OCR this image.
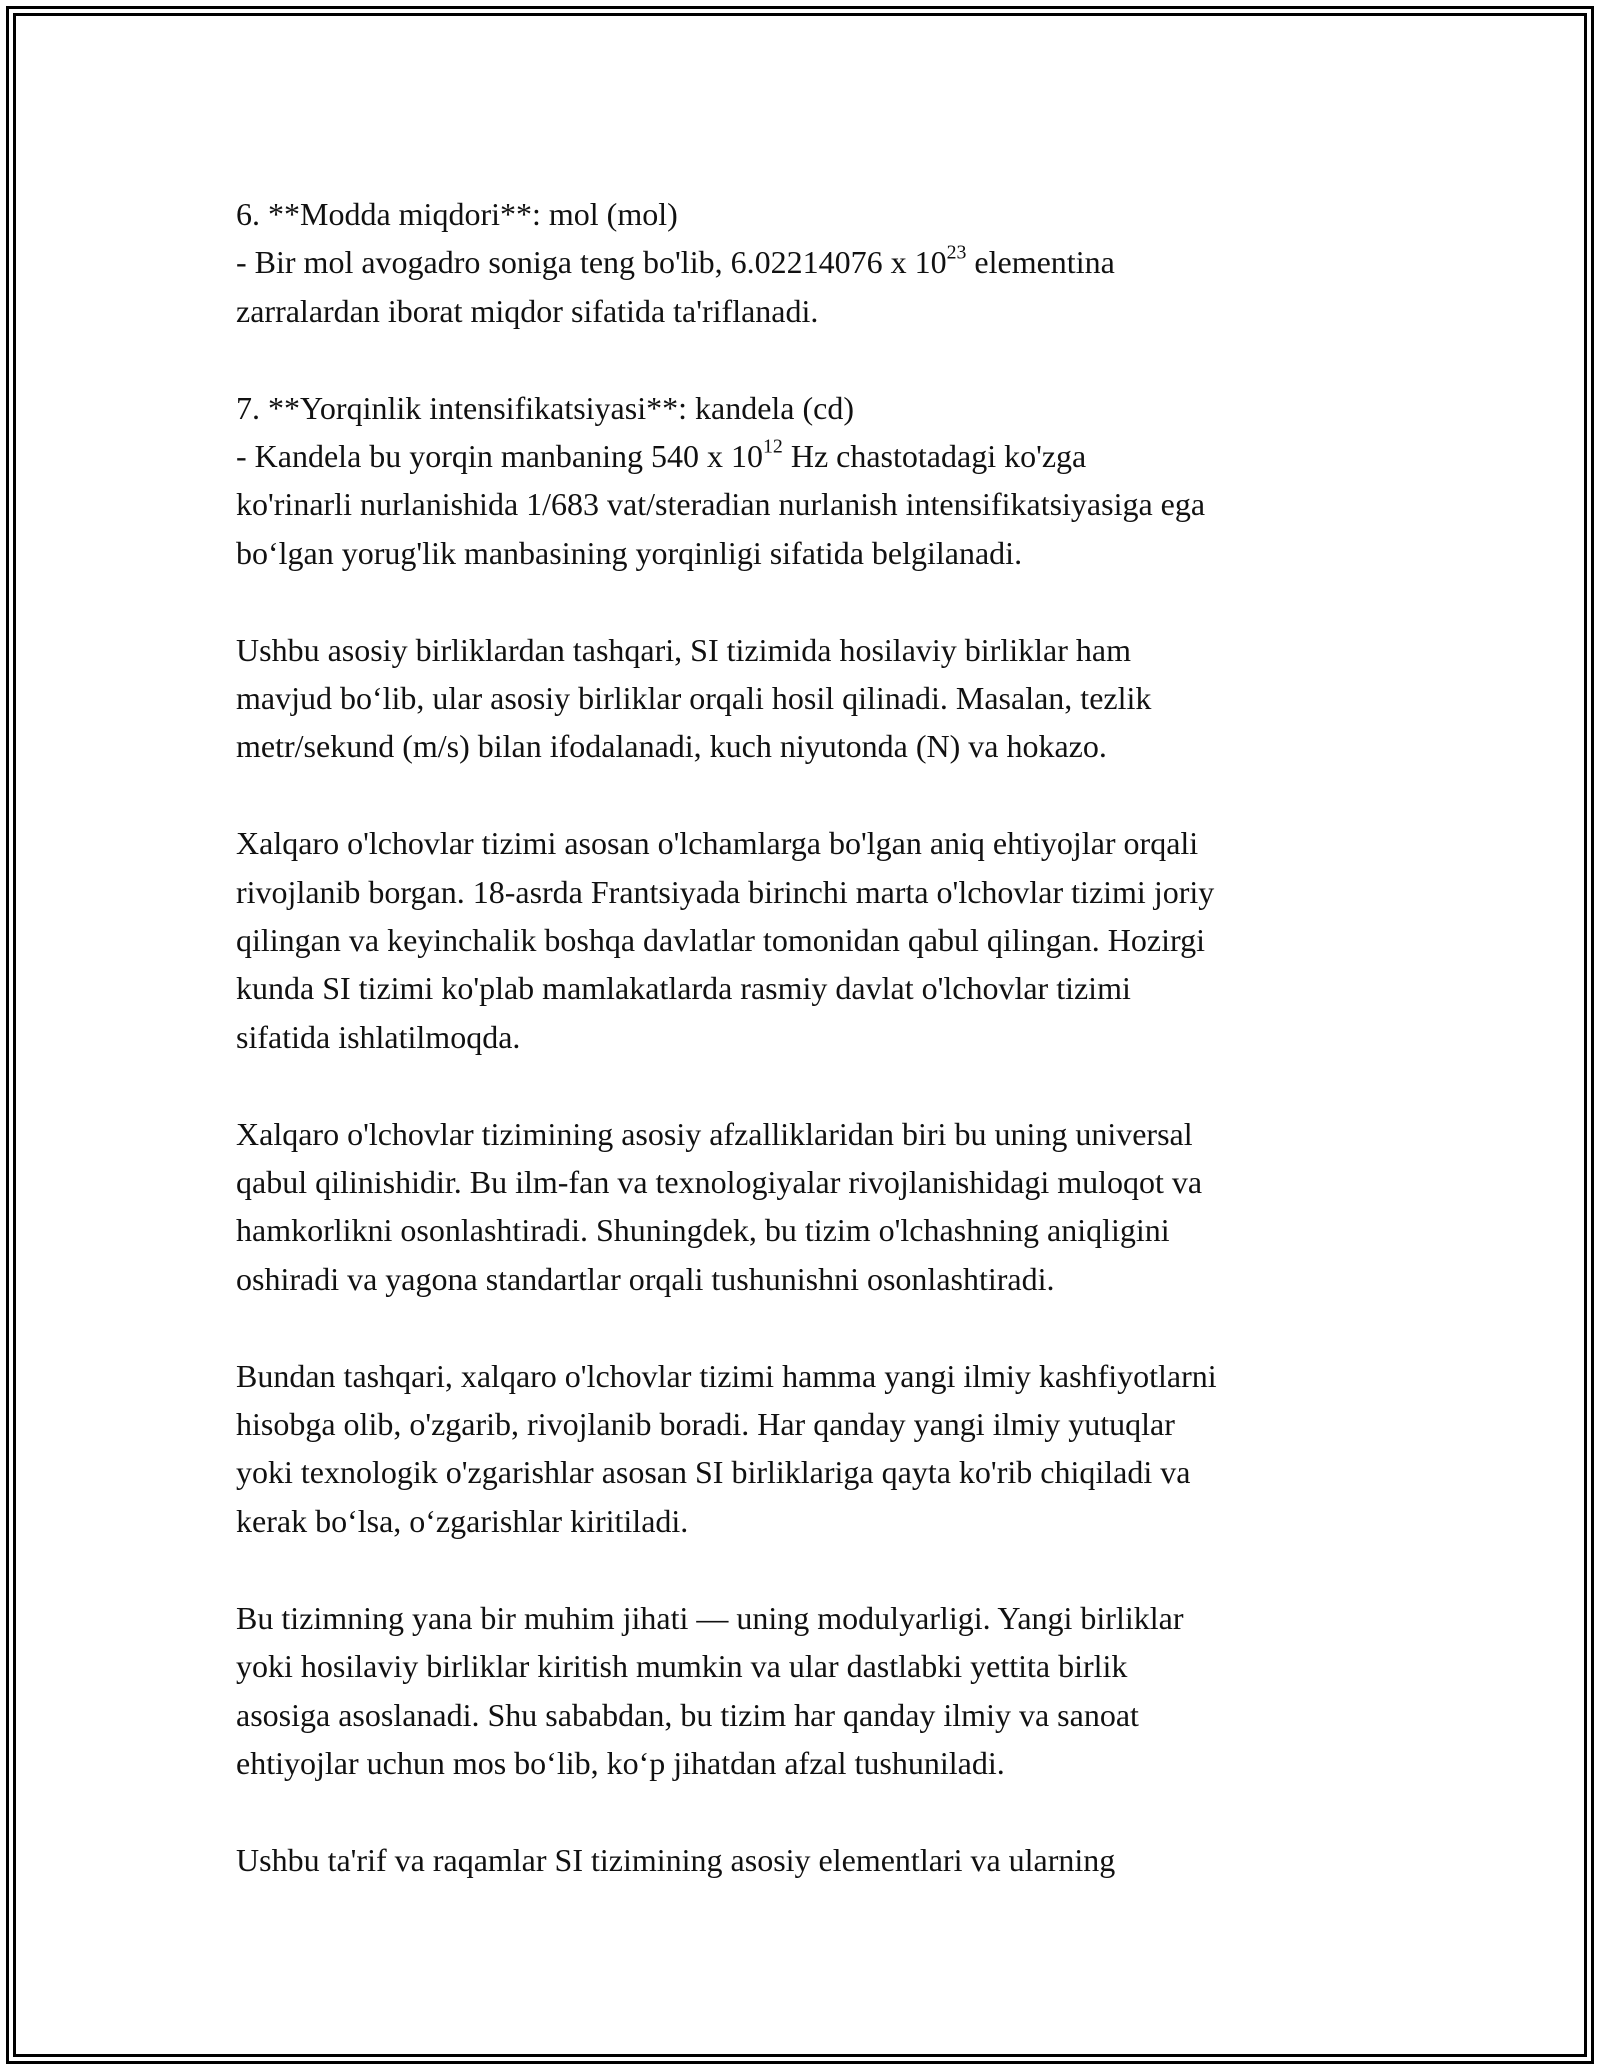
6. **Modda miqdori**: mol (mol)
- Bir mol avogadro soniga teng bo'lib, 6.02214076 x $10^{23}$ elementina
zarralardan iborat miqdor sifatida ta'riflanadi.

7. **Yorqinlik intensifikatsiyasi**: kandela (cd)
- Kandela bu yorqin manbaning 540 x $10^{12}$ Hz chastotadagi ko'zga
ko'rinarli nurlanishida 1/683 vat/steradian nurlanish intensifikatsiyasiga ega
bo‘lgan yorug'lik manbasining yorqinligi sifatida belgilanadi.

Ushbu asosiy birliklardan tashqari, SI tizimida hosilaviy birliklar ham
mavjud bo‘lib, ular asosiy birliklar orqali hosil qilinadi. Masalan, tezlik
metr/sekund (m/s) bilan ifodalanadi, kuch niyutonda (N) va hokazo.

Xalqaro o'lchovlar tizimi asosan o'lchamlarga bo'lgan aniq ehtiyojlar orqali
rivojlanib borgan. 18-asrda Frantsiyada birinchi marta o'lchovlar tizimi joriy
qilingan va keyinchalik boshqa davlatlar tomonidan qabul qilingan. Hozirgi
kunda SI tizimi ko'plab mamlakatlarda rasmiy davlat o'lchovlar tizimi
sifatida ishlatilmoqda.

Xalqaro o'lchovlar tizimining asosiy afzalliklaridan biri bu uning universal
qabul qilinishidir. Bu ilm-fan va texnologiyalar rivojlanishidagi muloqot va
hamkorlikni osonlashtiradi. Shuningdek, bu tizim o'lchashning aniqligini
oshiradi va yagona standartlar orqali tushunishni osonlashtiradi.

Bundan tashqari, xalqaro o'lchovlar tizimi hamma yangi ilmiy kashfiyotlarni
hisobga olib, o'zgarib, rivojlanib boradi. Har qanday yangi ilmiy yutuqlar
yoki texnologik o'zgarishlar asosan SI birliklariga qayta ko'rib chiqiladi va
kerak bo‘lsa, o‘zgarishlar kiritiladi.

Bu tizimning yana bir muhim jihati — uning modulyarligi. Yangi birliklar
yoki hosilaviy birliklar kiritish mumkin va ular dastlabki yettita birlik
asosiga asoslanadi. Shu sababdan, bu tizim har qanday ilmiy va sanoat
ehtiyojlar uchun mos bo‘lib, ko‘p jihatdan afzal tushuniladi.

Ushbu ta'rif va raqamlar SI tizimining asosiy elementlari va ularning
